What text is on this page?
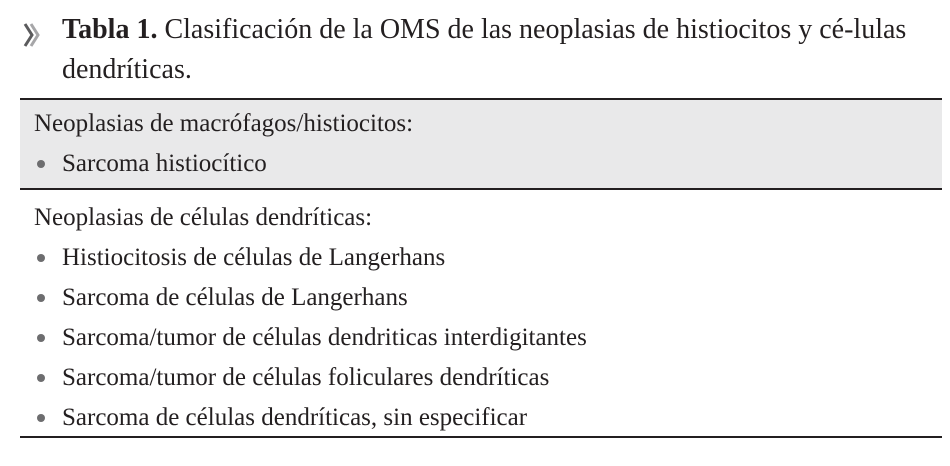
Tabla 1. Clasificación de la OMS de las neoplasias de histiocitos y cé-lulas dendríticas.
Neoplasias de macrófagos/histiocitos:
Sarcoma histiocítico
Neoplasias de células dendríticas:
Histiocitosis de células de Langerhans
Sarcoma de células de Langerhans
Sarcoma/tumor de células dendriticas interdigitantes
Sarcoma/tumor de células foliculares dendríticas
Sarcoma de células dendríticas, sin especificar
